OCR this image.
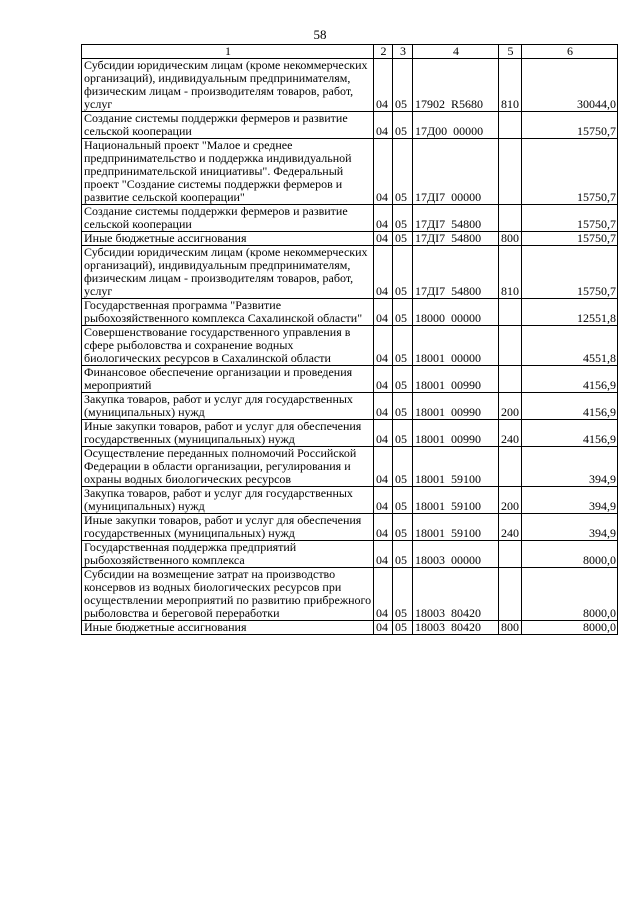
58
1	2	3	4	5	6
Субсидии юридическим лицам (кроме некоммерческих организаций), индивидуальным предпринимателям, физическим лицам - производителям товаров, работ, услуг	04	05	17902  R5680	810	30044,0
Создание системы поддержки фермеров и развитие сельской кооперации	04	05	17Д00  00000		15750,7
Национальный проект "Малое и среднее предпринимательство и поддержка индивидуальной предпринимательской инициативы". Федеральный проект "Создание системы поддержки фермеров и развитие сельской кооперации"	04	05	17ДI7  00000		15750,7
Создание системы поддержки фермеров и развитие сельской кооперации	04	05	17ДI7  54800		15750,7
Иные бюджетные ассигнования	04	05	17ДI7  54800	800	15750,7
Субсидии юридическим лицам (кроме некоммерческих организаций), индивидуальным предпринимателям, физическим лицам - производителям товаров, работ, услуг	04	05	17ДI7  54800	810	15750,7
Государственная программа "Развитие рыбохозяйственного комплекса Сахалинской области"	04	05	18000  00000		12551,8
Совершенствование государственного управления в сфере рыболовства и сохранение водных биологических ресурсов в Сахалинской области	04	05	18001  00000		4551,8
Финансовое обеспечение организации и проведения мероприятий	04	05	18001  00990		4156,9
Закупка товаров, работ и услуг для государственных (муниципальных) нужд	04	05	18001  00990	200	4156,9
Иные закупки товаров, работ и услуг для обеспечения государственных (муниципальных) нужд	04	05	18001  00990	240	4156,9
Осуществление переданных полномочий Российской Федерации в области организации, регулирования и охраны водных биологических ресурсов	04	05	18001  59100		394,9
Закупка товаров, работ и услуг для государственных (муниципальных) нужд	04	05	18001  59100	200	394,9
Иные закупки товаров, работ и услуг для обеспечения государственных (муниципальных) нужд	04	05	18001  59100	240	394,9
Государственная поддержка предприятий рыбохозяйственного комплекса	04	05	18003  00000		8000,0
Субсидии на возмещение затрат на производство консервов из водных биологических ресурсов при осуществлении мероприятий по развитию прибрежного рыболовства и береговой переработки	04	05	18003  80420		8000,0
Иные бюджетные ассигнования	04	05	18003  80420	800	8000,0
